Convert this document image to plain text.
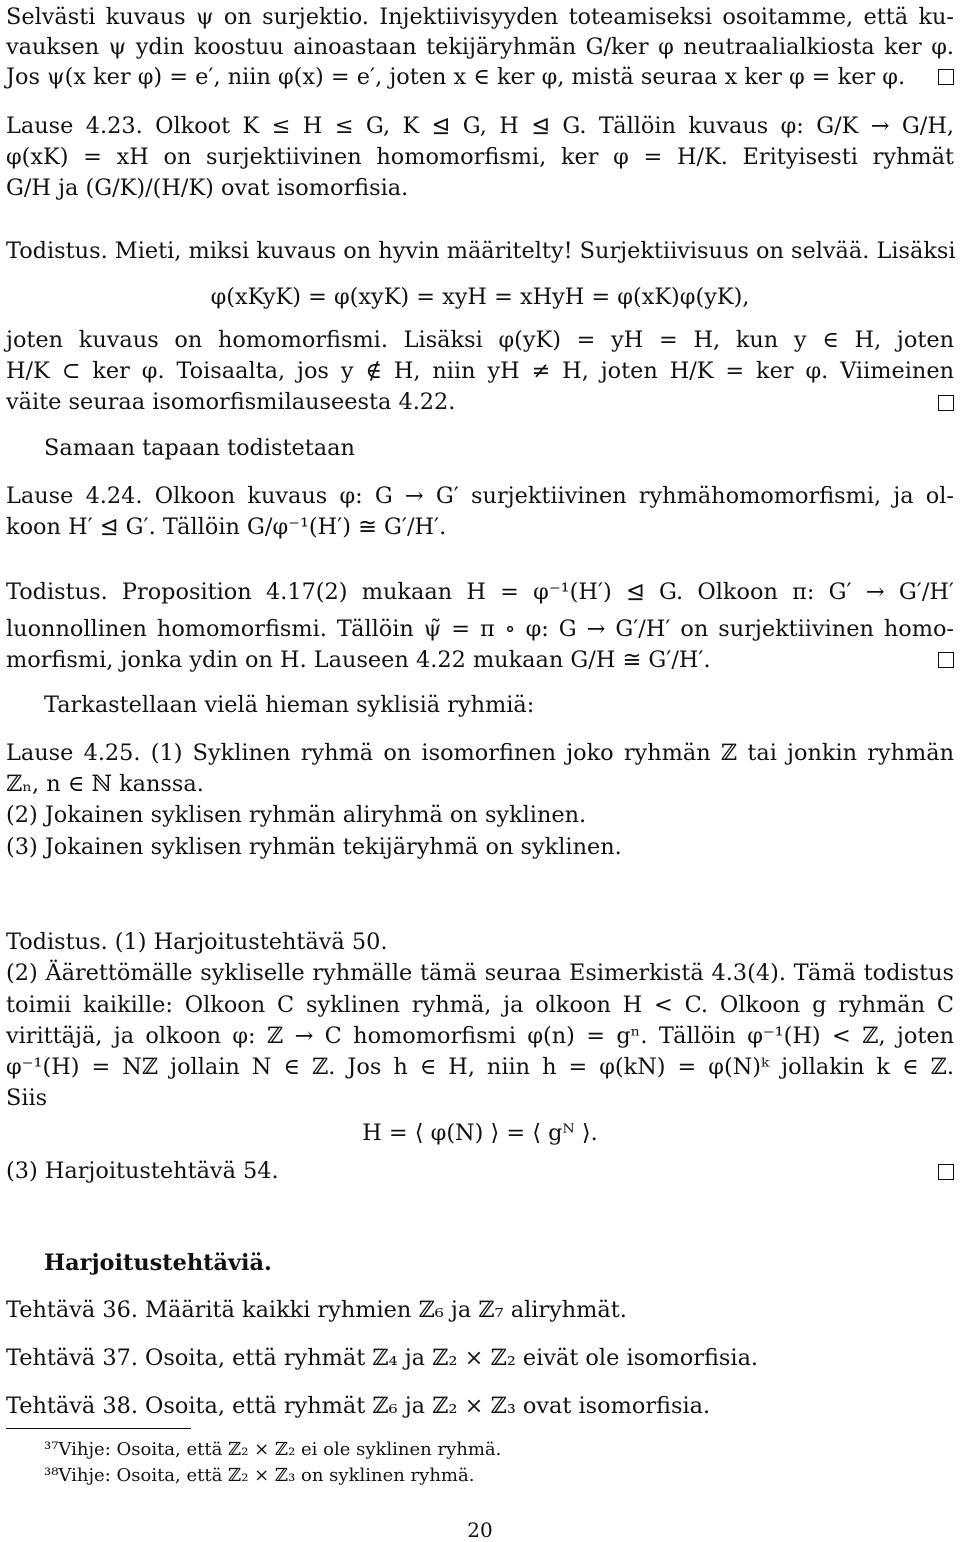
Selvästi kuvaus ψ on surjektio. Injektiivisyyden toteamiseksi osoitamme, että ku-

vauksen ψ ydin koostuu ainoastaan tekijäryhmän G/ker φ neutraalialkiosta ker φ.

Jos ψ(x ker φ) = e′, niin φ(x) = e′, joten x ∈ ker φ, mistä seuraa x ker φ = ker φ.

Lause 4.23. Olkoot K ≤ H ≤ G, K ⊴ G, H ⊴ G. Tällöin kuvaus φ: G/K → G/H,

φ(xK) = xH on surjektiivinen homomorfismi, ker φ = H/K. Erityisesti ryhmät

G/H ja (G/K)/(H/K) ovat isomorfisia.

Todistus. Mieti, miksi kuvaus on hyvin määritelty! Surjektiivisuus on selvää. Lisäksi

φ(xKyK) = φ(xyK) = xyH = xHyH = φ(xK)φ(yK),

joten kuvaus on homomorfismi. Lisäksi φ(yK) = yH = H, kun y ∈ H, joten

H/K ⊂ ker φ. Toisaalta, jos y ∉ H, niin yH ≠ H, joten H/K = ker φ. Viimeinen

väite seuraa isomorfismilauseesta 4.22.

Samaan tapaan todistetaan

Lause 4.24. Olkoon kuvaus φ: G → G′ surjektiivinen ryhmähomomorfismi, ja ol-

koon H′ ⊴ G′. Tällöin G/φ⁻¹(H′) ≅ G′/H′.

Todistus. Proposition 4.17(2) mukaan H = φ⁻¹(H′) ⊴ G. Olkoon π: G′ → G′/H′

luonnollinen homomorfismi. Tällöin ψ̃ = π ∘ φ: G → G′/H′ on surjektiivinen homo-

morfismi, jonka ydin on H. Lauseen 4.22 mukaan G/H ≅ G′/H′.

Tarkastellaan vielä hieman syklisiä ryhmiä:

Lause 4.25. (1) Syklinen ryhmä on isomorfinen joko ryhmän ℤ tai jonkin ryhmän

ℤₙ, n ∈ ℕ kanssa.

(2) Jokainen syklisen ryhmän aliryhmä on syklinen.

(3) Jokainen syklisen ryhmän tekijäryhmä on syklinen.

Todistus. (1) Harjoitustehtävä 50.

(2) Äärettömälle sykliselle ryhmälle tämä seuraa Esimerkistä 4.3(4). Tämä todistus

toimii kaikille: Olkoon C syklinen ryhmä, ja olkoon H < C. Olkoon g ryhmän C

virittäjä, ja olkoon φ: ℤ → C homomorfismi φ(n) = gⁿ. Tällöin φ⁻¹(H) < ℤ, joten

φ⁻¹(H) = Nℤ jollain N ∈ ℤ. Jos h ∈ H, niin h = φ(kN) = φ(N)ᵏ jollakin k ∈ ℤ.

Siis

H = ⟨ φ(N) ⟩ = ⟨ gᴺ ⟩.

(3) Harjoitustehtävä 54.

Harjoitustehtäviä.

Tehtävä 36. Määritä kaikki ryhmien ℤ₆ ja ℤ₇ aliryhmät.

Tehtävä 37. Osoita, että ryhmät ℤ₄ ja ℤ₂ × ℤ₂ eivät ole isomorfisia.

Tehtävä 38. Osoita, että ryhmät ℤ₆ ja ℤ₂ × ℤ₃ ovat isomorfisia.

³⁷Vihje: Osoita, että ℤ₂ × ℤ₂ ei ole syklinen ryhmä.

³⁸Vihje: Osoita, että ℤ₂ × ℤ₃ on syklinen ryhmä.

20
